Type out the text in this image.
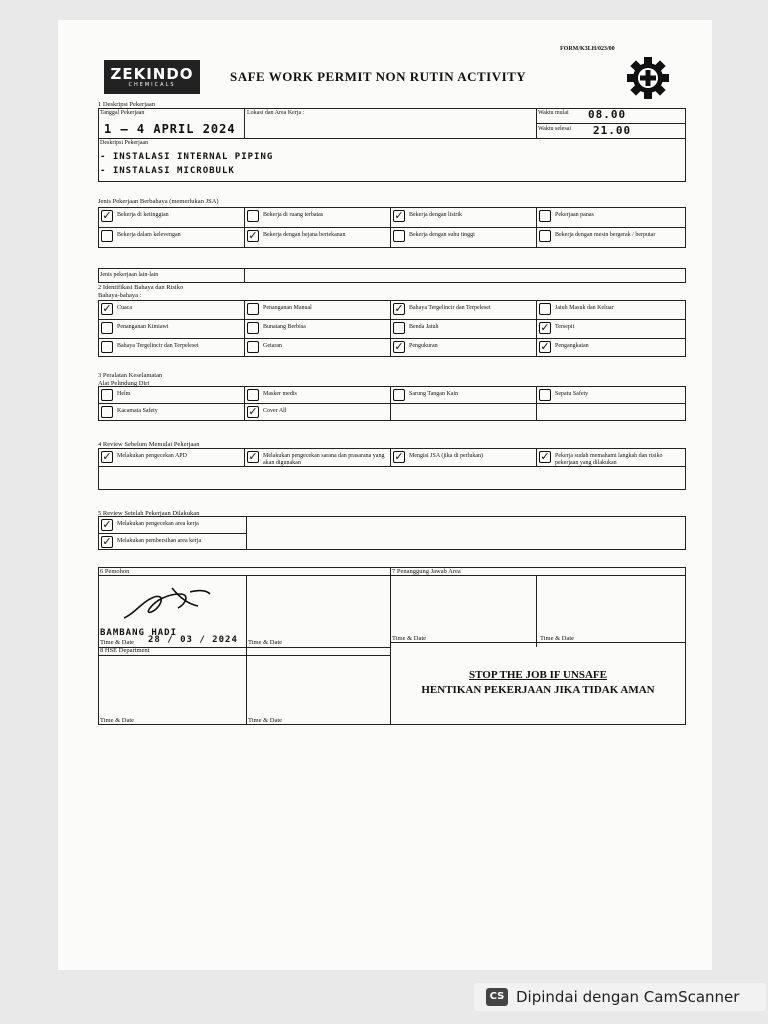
FORM/K3LH/023/00
ZEKINDO
CHEMICALS
SAFE WORK PERMIT NON RUTIN ACTIVITY
1 Deskripsi Pekerjaan
Tanggal Pekerjaan
1 – 4 APRIL 2024
Lokasi dan Area Kerja :	Waktu mulai 08.00
Waktu selesai 21.00
Deskripsi Pekerjaan
- INSTALASI INTERNAL PIPING
- INSTALASI MICROBULK
Jenis Pekerjaan Berbahaya (memerlukan JSA)
Jenis pekerjaan lain-lain
2 Identifikasi Bahaya dan Risiko
Bahaya-bahaya :
3 Peralatan Keselamatan
Alat Pelindung Diri
4 Review Sebelum Memulai Pekerjaan
5 Review Setelah Pekerjaan Dilakukan
6 Pemohon	7 Penanggung Jawab Area
8 HSE Department
BAMBANG HADI
Time & Date 28 / 03 / 2024 Time & Date
Time & Date	Time & Date
Time & Date	Time & Date
STOP THE JOB IF UNSAFE
HENTIKAN PEKERJAAN JIKA TIDAK AMAN
✓ Bekerja di ketinggian	Bekerja di ruang terbatas	✓ Bekerja dengan listrik	Pekerjaan panas
Bekerja dalam kelevengan	✓ Bekerja dengan bejana bertekanan	Bekerja dengan suhu tinggi	Bekerja dengan mesin bergerak / berputar
✓ Cuaca	Penanganan Manual	✓ Bahaya Tergelincir dan Terpeleset	Jatuh Masuk dan Keluar
Penanganan Kimiawi	Bunatang Berbisa	Benda Jatuh	✓ Tersepit
Bahaya Tergelincir dan Terpeleset	Getaran	✓ Pengukuran	✓ Pengangkatan
Helm	Masker medis	Sarung Tangan Kain	Sepatu Safety
Kacamata Safety	✓ Cover All
✓ Melakukan pengecekan APD	✓ Melakukan pengecekan sarana dan prasarana yang akan digunakan	✓ Mengisi JSA (jika di perlukan)	✓ Pekerja sudah memahami langkah dan risiko pekerjaan yang dilakukan
✓ Melakukan pengecekan area kerja
✓ Melakukan pembersihan area kerja
CS Dipindai dengan CamScanner
